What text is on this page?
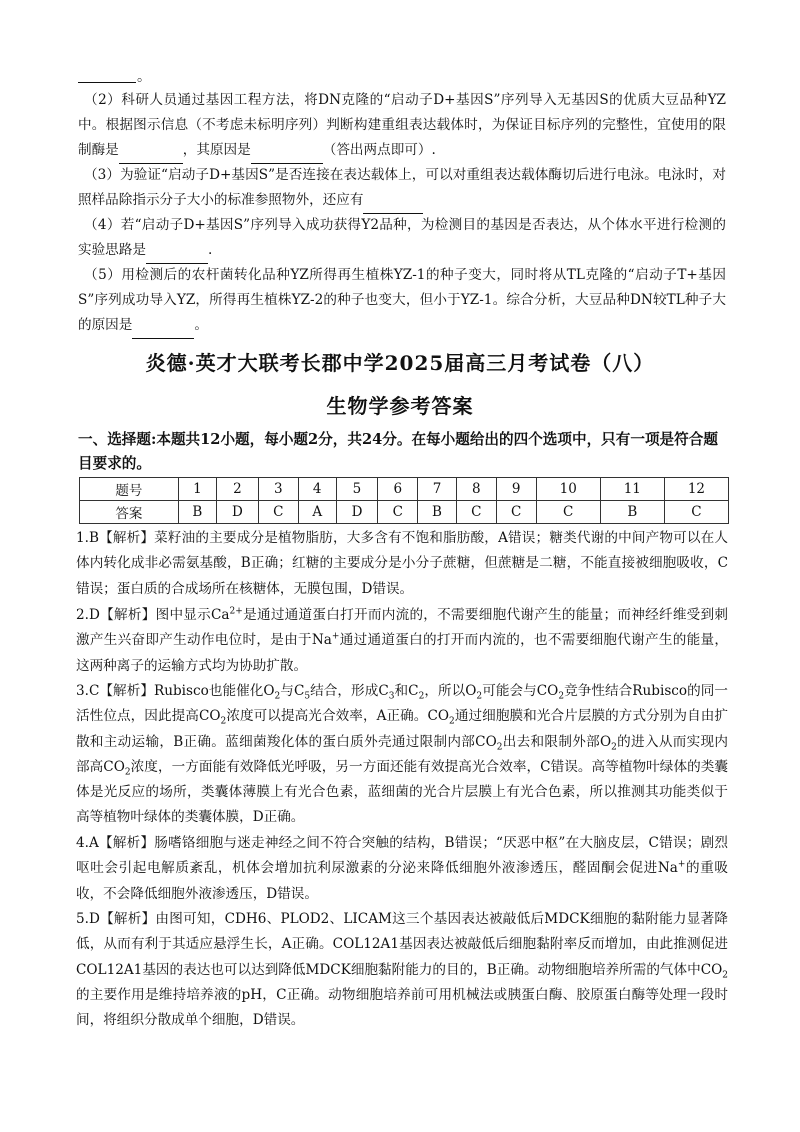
。
（2）科研人员通过基因工程方法，将DN克隆的“启动子D+基因S”序列导入无基因S的优质大豆品种YZ中。根据图示信息（不考虑未标明序列）判断构建重组表达载体时，为保证目标序列的完整性，宜使用的限制酶是	，其原因是	（答出两点即可）.
（3）为验证“启动子D+基因S”是否连接在表达载体上，可以对重组表达载体酶切后进行电泳。电泳时，对照样品除指示分子大小的标准参照物外，还应有
（4）若“启动子D+基因S”序列导入成功获得Y2品种，为检测目的基因是否表达，从个体水平进行检测的实验思路是	.
（5）用检测后的农杆菌转化品种YZ所得再生植株YZ-1的种子变大，同时将从TL克隆的“启动子T+基因S”序列成功导入YZ，所得再生植株YZ-2的种子也变大，但小于YZ-1。综合分析，大豆品种DN较TL种子大的原因是	。
炎德·英才大联考长郡中学2025届高三月考试卷（八）
生物学参考答案
一、选择题:本题共12小题，每小题2分，共24分。在每小题给出的四个选项中，只有一项是符合题目要求的。
题号	1	2	3	4	5	6	7	8	9	10	11	12
答案	B	D	C	A	D	C	B	C	C	C	B	C
1.B【解析】菜籽油的主要成分是植物脂肪，大多含有不饱和脂肪酸，A错误；糖类代谢的中间产物可以在人体内转化成非必需氨基酸，B正确；红糖的主要成分是小分子蔗糖，但蔗糖是二糖，不能直接被细胞吸收，C错误；蛋白质的合成场所在核糖体，无膜包围，D错误。
2.D【解析】图中显示$Ca^{2+}$是通过通道蛋白打开而内流的，不需要细胞代谢产生的能量；而神经纤维受到刺激产生兴奋即产生动作电位时，是由于Na+通过通道蛋白的打开而内流的，也不需要细胞代谢产生的能量，这两种离子的运输方式均为协助扩散。
3.C【解析】Rubisco也能催化$O_2$与$C_5$结合，形成$C_3$和$C_2$，所以$O_2$可能会与$CO_2$竞争性结合Rubisco的同一活性位点，因此提高$CO_2$浓度可以提高光合效率，A正确。$CO_2$通过细胞膜和光合片层膜的方式分别为自由扩散和主动运输，B正确。蓝细菌羧化体的蛋白质外壳通过限制内部$CO_2$出去和限制外部$O_2$的进入从而实现内部高$CO_2$浓度，一方面能有效降低光呼吸，另一方面还能有效提高光合效率，C错误。高等植物叶绿体的类囊体是光反应的场所，类囊体薄膜上有光合色素，蓝细菌的光合片层膜上有光合色素，所以推测其功能类似于高等植物叶绿体的类囊体膜，D正确。
4.A【解析】肠嗜铬细胞与迷走神经之间不符合突触的结构，B错误；“厌恶中枢”在大脑皮层，C错误；剧烈呕吐会引起电解质紊乱，机体会增加抗利尿激素的分泌来降低细胞外液渗透压，醛固酮会促进Na+的重吸收，不会降低细胞外液渗透压，D错误。
5.D【解析】由图可知，CDH6、PLOD2、LICAM这三个基因表达被敲低后MDCK细胞的黏附能力显著降低，从而有利于其适应悬浮生长，A正确。COL12A1基因表达被敲低后细胞黏附率反而增加，由此推测促进COL12A1基因的表达也可以达到降低MDCK细胞黏附能力的目的，B正确。动物细胞培养所需的气体中$CO_2$的主要作用是维持培养液的pH，C正确。动物细胞培养前可用机械法或胰蛋白酶、胶原蛋白酶等处理一段时间，将组织分散成单个细胞，D错误。
